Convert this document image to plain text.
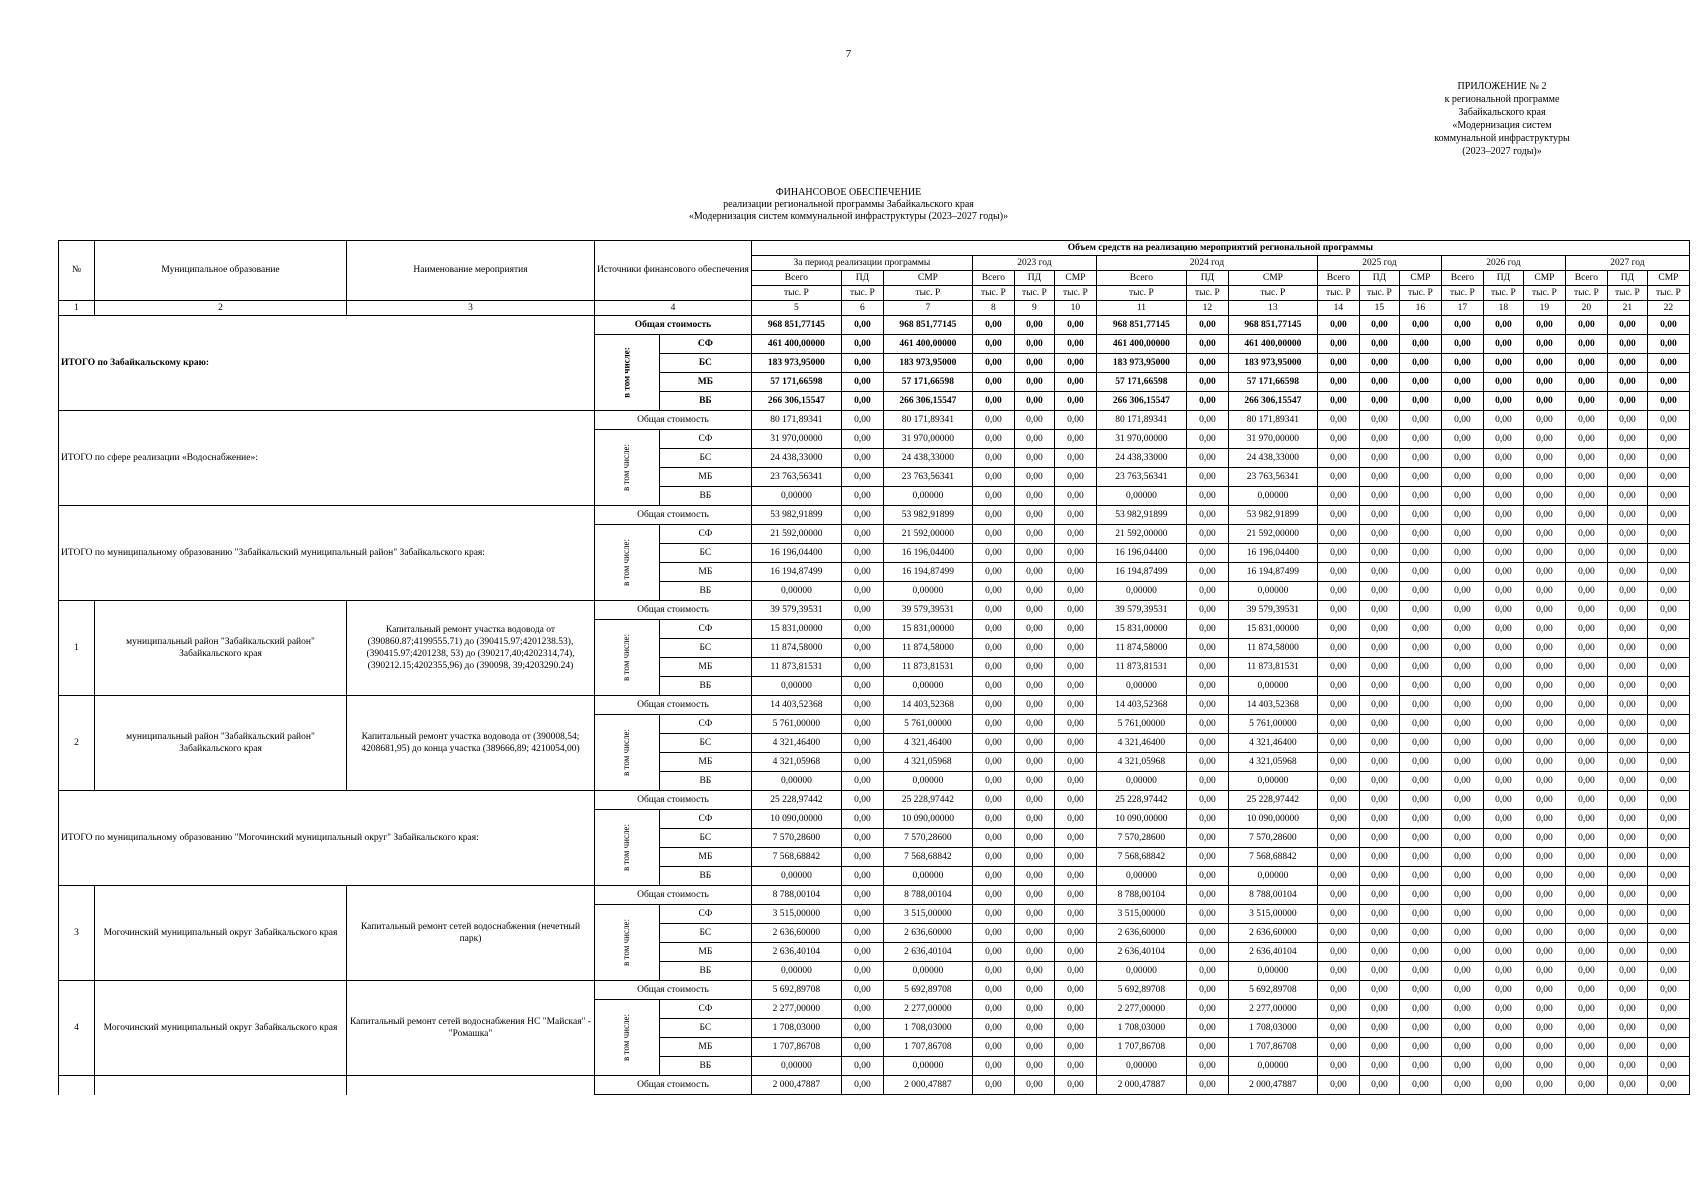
7
ПРИЛОЖЕНИЕ № 2
к региональной программе
Забайкальского края
«Модернизация систем
коммунальной инфраструктуры
(2023–2027 годы)»
ФИНАНСОВОЕ ОБЕСПЕЧЕНИЕ
реализации региональной программы Забайкальского края
«Модернизация систем коммунальной инфраструктуры (2023–2027 годы)»
№	Муниципальное образование	Наименование мероприятия	Источники финансового обеспечения		Объем средств на реализацию мероприятий региональной программы																	
					За период реализации программы			2023 год			2024 год			2025 год			2026 год			2027 год		
					Всего	ПД	СМР	Всего	ПД	СМР	Всего	ПД	СМР	Всего	ПД	СМР	Всего	ПД	СМР	Всего	ПД	СМР
					тыс. Р	тыс. Р	тыс. Р	тыс. Р	тыс. Р	тыс. Р	тыс. Р	тыс. Р	тыс. Р	тыс. Р	тыс. Р	тыс. Р	тыс. Р	тыс. Р	тыс. Р	тыс. Р	тыс. Р	тыс. Р
1	2	3	4		5	6	7	8	9	10	11	12	13	14	15	16	17	18	19	20	21	22
ИТОГО по Забайкальскому краю:			Общая стоимость		968 851,77145	0,00	968 851,77145	0,00	0,00	0,00	968 851,77145	0,00	968 851,77145	0,00	0,00	0,00	0,00	0,00	0,00	0,00	0,00	0,00
			в том числе:	СФ	461 400,00000	0,00	461 400,00000	0,00	0,00	0,00	461 400,00000	0,00	461 400,00000	0,00	0,00	0,00	0,00	0,00	0,00	0,00	0,00	0,00
				БС	183 973,95000	0,00	183 973,95000	0,00	0,00	0,00	183 973,95000	0,00	183 973,95000	0,00	0,00	0,00	0,00	0,00	0,00	0,00	0,00	0,00
				МБ	57 171,66598	0,00	57 171,66598	0,00	0,00	0,00	57 171,66598	0,00	57 171,66598	0,00	0,00	0,00	0,00	0,00	0,00	0,00	0,00	0,00
				ВБ	266 306,15547	0,00	266 306,15547	0,00	0,00	0,00	266 306,15547	0,00	266 306,15547	0,00	0,00	0,00	0,00	0,00	0,00	0,00	0,00	0,00
ИТОГО по сфере реализации «Водоснабжение»:			Общая стоимость		80 171,89341	0,00	80 171,89341	0,00	0,00	0,00	80 171,89341	0,00	80 171,89341	0,00	0,00	0,00	0,00	0,00	0,00	0,00	0,00	0,00
			в том числе:	СФ	31 970,00000	0,00	31 970,00000	0,00	0,00	0,00	31 970,00000	0,00	31 970,00000	0,00	0,00	0,00	0,00	0,00	0,00	0,00	0,00	0,00
				БС	24 438,33000	0,00	24 438,33000	0,00	0,00	0,00	24 438,33000	0,00	24 438,33000	0,00	0,00	0,00	0,00	0,00	0,00	0,00	0,00	0,00
				МБ	23 763,56341	0,00	23 763,56341	0,00	0,00	0,00	23 763,56341	0,00	23 763,56341	0,00	0,00	0,00	0,00	0,00	0,00	0,00	0,00	0,00
				ВБ	0,00000	0,00	0,00000	0,00	0,00	0,00	0,00000	0,00	0,00000	0,00	0,00	0,00	0,00	0,00	0,00	0,00	0,00	0,00
ИТОГО по муниципальному образованию "Забайкальский муниципальный район" Забайкальского края:			Общая стоимость		53 982,91899	0,00	53 982,91899	0,00	0,00	0,00	53 982,91899	0,00	53 982,91899	0,00	0,00	0,00	0,00	0,00	0,00	0,00	0,00	0,00
			в том числе:	СФ	21 592,00000	0,00	21 592,00000	0,00	0,00	0,00	21 592,00000	0,00	21 592,00000	0,00	0,00	0,00	0,00	0,00	0,00	0,00	0,00	0,00
				БС	16 196,04400	0,00	16 196,04400	0,00	0,00	0,00	16 196,04400	0,00	16 196,04400	0,00	0,00	0,00	0,00	0,00	0,00	0,00	0,00	0,00
				МБ	16 194,87499	0,00	16 194,87499	0,00	0,00	0,00	16 194,87499	0,00	16 194,87499	0,00	0,00	0,00	0,00	0,00	0,00	0,00	0,00	0,00
				ВБ	0,00000	0,00	0,00000	0,00	0,00	0,00	0,00000	0,00	0,00000	0,00	0,00	0,00	0,00	0,00	0,00	0,00	0,00	0,00
1	муниципальный район "Забайкальский район" Забайкальского края	Капитальный ремонт участка водовода от (390860.87;4199555.71) до (390415.97;4201238.53), (390415.97;4201238, 53) до (390217,40;4202314,74), (390212.15;4202355,96) до (390098, 39;4203290.24)	Общая стоимость		39 579,39531	0,00	39 579,39531	0,00	0,00	0,00	39 579,39531	0,00	39 579,39531	0,00	0,00	0,00	0,00	0,00	0,00	0,00	0,00	0,00
			в том числе:	СФ	15 831,00000	0,00	15 831,00000	0,00	0,00	0,00	15 831,00000	0,00	15 831,00000	0,00	0,00	0,00	0,00	0,00	0,00	0,00	0,00	0,00
				БС	11 874,58000	0,00	11 874,58000	0,00	0,00	0,00	11 874,58000	0,00	11 874,58000	0,00	0,00	0,00	0,00	0,00	0,00	0,00	0,00	0,00
				МБ	11 873,81531	0,00	11 873,81531	0,00	0,00	0,00	11 873,81531	0,00	11 873,81531	0,00	0,00	0,00	0,00	0,00	0,00	0,00	0,00	0,00
				ВБ	0,00000	0,00	0,00000	0,00	0,00	0,00	0,00000	0,00	0,00000	0,00	0,00	0,00	0,00	0,00	0,00	0,00	0,00	0,00
2	муниципальный район "Забайкальский район" Забайкальского края	Капитальный ремонт участка водовода от (390008,54; 4208681,95) до конца участка (389666,89; 4210054,00)	Общая стоимость		14 403,52368	0,00	14 403,52368	0,00	0,00	0,00	14 403,52368	0,00	14 403,52368	0,00	0,00	0,00	0,00	0,00	0,00	0,00	0,00	0,00
			в том числе:	СФ	5 761,00000	0,00	5 761,00000	0,00	0,00	0,00	5 761,00000	0,00	5 761,00000	0,00	0,00	0,00	0,00	0,00	0,00	0,00	0,00	0,00
				БС	4 321,46400	0,00	4 321,46400	0,00	0,00	0,00	4 321,46400	0,00	4 321,46400	0,00	0,00	0,00	0,00	0,00	0,00	0,00	0,00	0,00
				МБ	4 321,05968	0,00	4 321,05968	0,00	0,00	0,00	4 321,05968	0,00	4 321,05968	0,00	0,00	0,00	0,00	0,00	0,00	0,00	0,00	0,00
				ВБ	0,00000	0,00	0,00000	0,00	0,00	0,00	0,00000	0,00	0,00000	0,00	0,00	0,00	0,00	0,00	0,00	0,00	0,00	0,00
ИТОГО по муниципальному образованию "Могочинский муниципальный округ" Забайкальского края:			Общая стоимость		25 228,97442	0,00	25 228,97442	0,00	0,00	0,00	25 228,97442	0,00	25 228,97442	0,00	0,00	0,00	0,00	0,00	0,00	0,00	0,00	0,00
			в том числе:	СФ	10 090,00000	0,00	10 090,00000	0,00	0,00	0,00	10 090,00000	0,00	10 090,00000	0,00	0,00	0,00	0,00	0,00	0,00	0,00	0,00	0,00
				БС	7 570,28600	0,00	7 570,28600	0,00	0,00	0,00	7 570,28600	0,00	7 570,28600	0,00	0,00	0,00	0,00	0,00	0,00	0,00	0,00	0,00
				МБ	7 568,68842	0,00	7 568,68842	0,00	0,00	0,00	7 568,68842	0,00	7 568,68842	0,00	0,00	0,00	0,00	0,00	0,00	0,00	0,00	0,00
				ВБ	0,00000	0,00	0,00000	0,00	0,00	0,00	0,00000	0,00	0,00000	0,00	0,00	0,00	0,00	0,00	0,00	0,00	0,00	0,00
3	Могочинский муниципальный округ Забайкальского края	Капитальный ремонт сетей водоснабжения (нечетный парк)	Общая стоимость		8 788,00104	0,00	8 788,00104	0,00	0,00	0,00	8 788,00104	0,00	8 788,00104	0,00	0,00	0,00	0,00	0,00	0,00	0,00	0,00	0,00
			в том числе:	СФ	3 515,00000	0,00	3 515,00000	0,00	0,00	0,00	3 515,00000	0,00	3 515,00000	0,00	0,00	0,00	0,00	0,00	0,00	0,00	0,00	0,00
				БС	2 636,60000	0,00	2 636,60000	0,00	0,00	0,00	2 636,60000	0,00	2 636,60000	0,00	0,00	0,00	0,00	0,00	0,00	0,00	0,00	0,00
				МБ	2 636,40104	0,00	2 636,40104	0,00	0,00	0,00	2 636,40104	0,00	2 636,40104	0,00	0,00	0,00	0,00	0,00	0,00	0,00	0,00	0,00
				ВБ	0,00000	0,00	0,00000	0,00	0,00	0,00	0,00000	0,00	0,00000	0,00	0,00	0,00	0,00	0,00	0,00	0,00	0,00	0,00
4	Могочинский муниципальный округ Забайкальского края	Капитальный ремонт сетей водоснабжения НС "Майская" - "Ромашка"	Общая стоимость		5 692,89708	0,00	5 692,89708	0,00	0,00	0,00	5 692,89708	0,00	5 692,89708	0,00	0,00	0,00	0,00	0,00	0,00	0,00	0,00	0,00
			в том числе:	СФ	2 277,00000	0,00	2 277,00000	0,00	0,00	0,00	2 277,00000	0,00	2 277,00000	0,00	0,00	0,00	0,00	0,00	0,00	0,00	0,00	0,00
				БС	1 708,03000	0,00	1 708,03000	0,00	0,00	0,00	1 708,03000	0,00	1 708,03000	0,00	0,00	0,00	0,00	0,00	0,00	0,00	0,00	0,00
				МБ	1 707,86708	0,00	1 707,86708	0,00	0,00	0,00	1 707,86708	0,00	1 707,86708	0,00	0,00	0,00	0,00	0,00	0,00	0,00	0,00	0,00
				ВБ	0,00000	0,00	0,00000	0,00	0,00	0,00	0,00000	0,00	0,00000	0,00	0,00	0,00	0,00	0,00	0,00	0,00	0,00	0,00
			Общая стоимость		2 000,47887	0,00	2 000,47887	0,00	0,00	0,00	2 000,47887	0,00	2 000,47887	0,00	0,00	0,00	0,00	0,00	0,00	0,00	0,00	0,00
